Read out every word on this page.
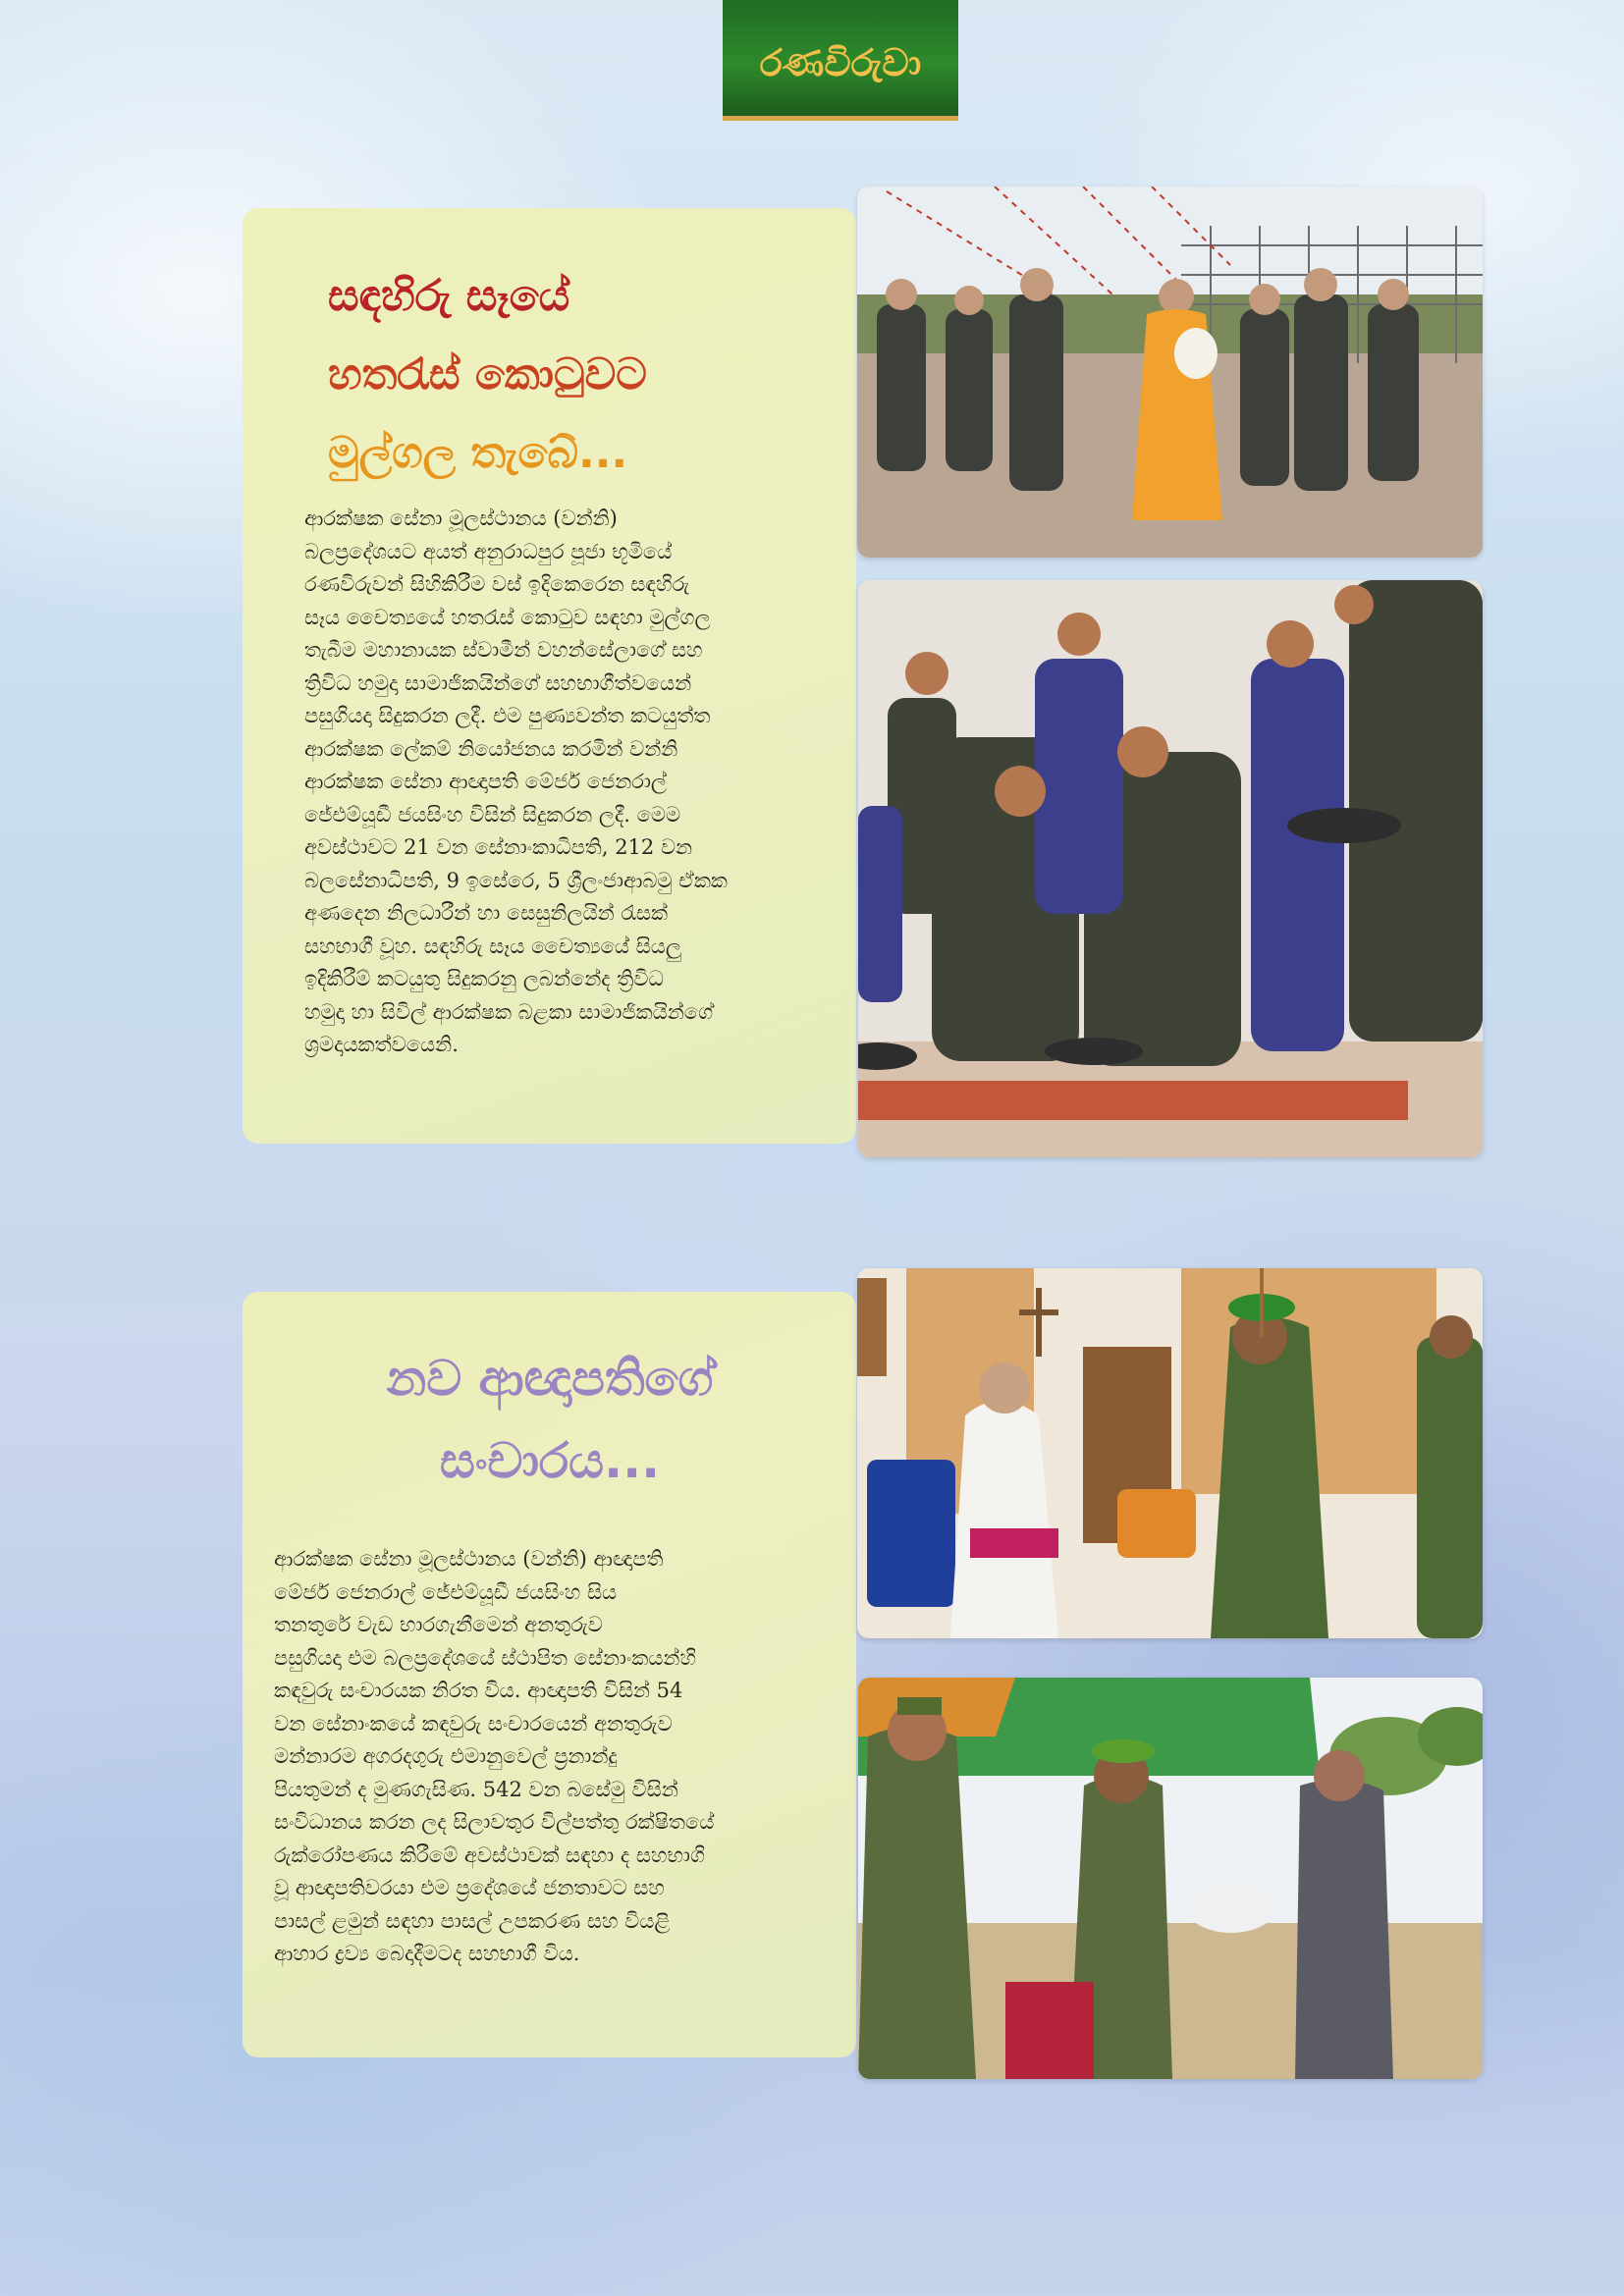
රණවිරුවා
සඳහිරු සෑයේ
හතරැස් කොටුවට
මුල්ගල තැබේ...

ආරක්ෂක සේනා මූලස්ථානය (වන්නි)
බලප්‍රදේශයට අයත් අනුරාධපුර පූජා භූමියේ
රණවිරුවන් සිහිකිරීම වස් ඉදිකෙරෙන සඳහිරු
සෑය චෛත්‍යයේ හතරැස් කොටුව සඳහා මුල්ගල
තැබීම මහානායක ස්වාමීන් වහන්සේලාගේ සහ
ත්‍රිවිධ හමුදා සාමාජිකයින්ගේ සහභාගීත්වයෙන්
පසුගියදා සිදුකරන ලදී. එම පුණ්‍යවන්ත කටයුත්ත
ආරක්ෂක ලේකම් නියෝජනය කරමින් වන්නි
ආරක්ෂක සේනා ආඥාපති මේජර් ජෙනරාල්
ජේඑම්යූඩී ජයසිංහ විසින් සිදුකරන ලදී. මෙම
අවස්ථාවට 21 වන සේනාංකාධිපති, 212 වන
බලසේනාධිපති, 9 ඉසේරෙ, 5 ශ්‍රීලංජාආබමු ඒකක
අණදෙන නිලධාරීන් හා සෙසුනිලයින් රැසක්
සහභාගී වූහ. සඳහිරු සෑය චෛත්‍යයේ සියලු
ඉදිකිරීම් කටයුතු සිදුකරනු ලබන්නේද ත්‍රිවිධ
හමුදා හා සිවිල් ආරක්ෂක බළකා සාමාජිකයින්ගේ
ශ්‍රමදායකත්වයෙනි.

නව ආඥාපතිගේ
සංචාරය...

ආරක්ෂක සේනා මූලස්ථානය (වන්නි) ආඥාපති
මේජර් ජෙනරාල් ජේඑම්යූඩී ජයසිංහ සිය
තනතුරේ වැඩ භාරගැනීමෙන් අනතුරුව
පසුගියදා එම බලප්‍රදේශයේ ස්ථාපිත සේනාංකයන්හි
කඳවුරු සංචාරයක නිරත විය. ආඥාපති විසින් 54
වන සේනාංකයේ කඳවුරු සංචාරයෙන් අනතුරුව
මන්නාරම අගරදගුරු එමානුවෙල් ප්‍රනාන්දු
පියතුමන් ද මුණගැසිණ. 542 වන බසේමු විසින්
සංවිධානය කරන ලද සිලාවතුර විල්පත්තු රක්ෂිතයේ
රුක්රෝපණය කිරීමේ අවස්ථාවක් සඳහා ද සහභාගි
වූ ආඥාපතිවරයා එම ප්‍රදේශයේ ජනතාවට සහ
පාසල් ළමුන් සඳහා පාසල් උපකරණ සහ වියළි
ආහාර ද්‍රව්‍ය බෙදාදීමටද සහභාගී විය.
